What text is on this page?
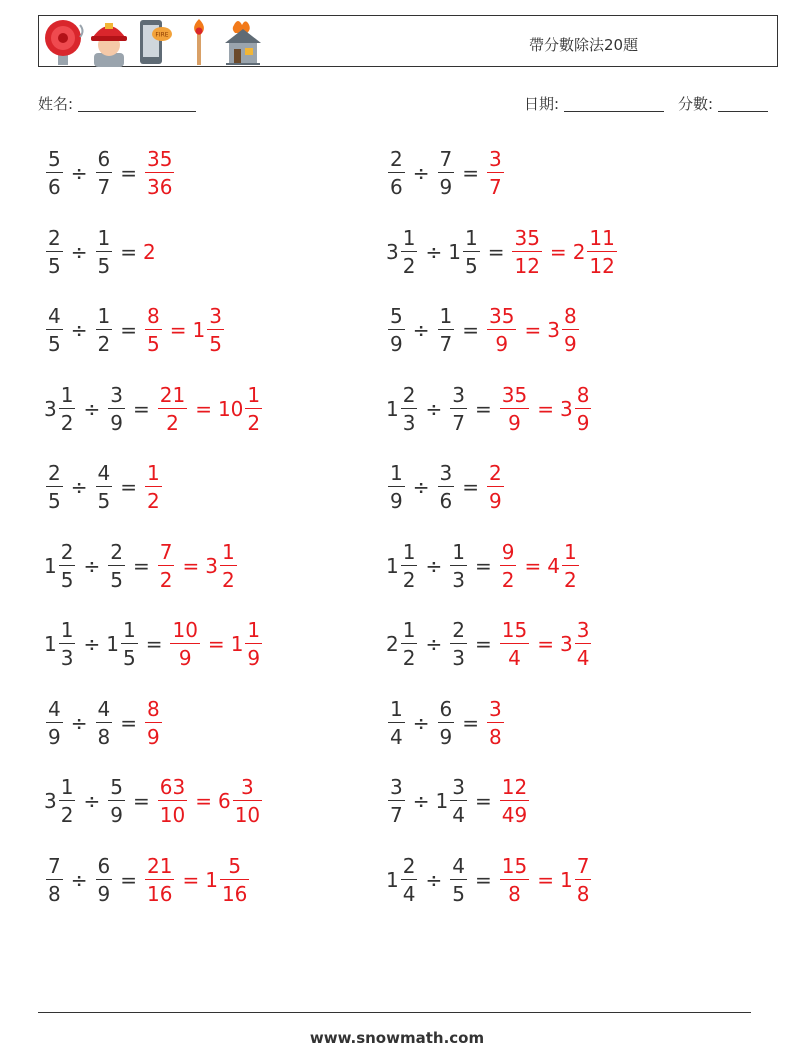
FIRE
帶分數除法20題
姓名:	日期:	分數:
$\frac{5}{6} \div \frac{6}{7} = \frac{35}{36}$	$\frac{2}{6} \div \frac{7}{9} = \frac{3}{7}$
$\frac{2}{5} \div \frac{1}{5} = 2$	$3 \frac{1}{2} \div 1 \frac{1}{5} = \frac{35}{12} = 2 \frac{11}{12}$
$\frac{4}{5} \div \frac{1}{2} = \frac{8}{5} = 1 \frac{3}{5}$	$\frac{5}{9} \div \frac{1}{7} = \frac{35}{9} = 3 \frac{8}{9}$
$3 \frac{1}{2} \div \frac{3}{9} = \frac{21}{2} = 10 \frac{1}{2}$	$1 \frac{2}{3} \div \frac{3}{7} = \frac{35}{9} = 3 \frac{8}{9}$
$\frac{2}{5} \div \frac{4}{5} = \frac{1}{2}$	$\frac{1}{9} \div \frac{3}{6} = \frac{2}{9}$
$1 \frac{2}{5} \div \frac{2}{5} = \frac{7}{2} = 3 \frac{1}{2}$	$1 \frac{1}{2} \div \frac{1}{3} = \frac{9}{2} = 4 \frac{1}{2}$
$1 \frac{1}{3} \div 1 \frac{1}{5} = \frac{10}{9} = 1 \frac{1}{9}$	$2 \frac{1}{2} \div \frac{2}{3} = \frac{15}{4} = 3 \frac{3}{4}$
$\frac{4}{9} \div \frac{4}{8} = \frac{8}{9}$	$\frac{1}{4} \div \frac{6}{9} = \frac{3}{8}$
$3 \frac{1}{2} \div \frac{5}{9} = \frac{63}{10} = 6 \frac{3}{10}$	$\frac{3}{7} \div 1 \frac{3}{4} = \frac{12}{49}$
$\frac{7}{8} \div \frac{6}{9} = \frac{21}{16} = 1 \frac{5}{16}$	$1 \frac{2}{4} \div \frac{4}{5} = \frac{15}{8} = 1 \frac{7}{8}$
www.snowmath.com
